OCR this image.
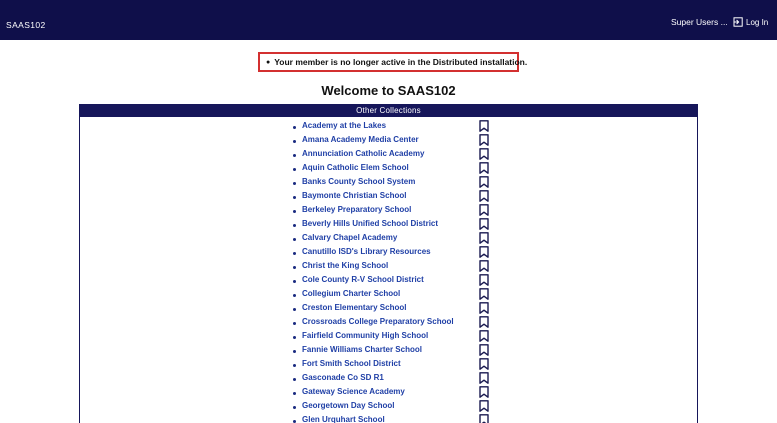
SAAS102	Super Users ... Log In
● Your member is no longer active in the Distributed installation.
Welcome to SAAS102
Other Collections
Academy at the Lakes
Amana Academy Media Center
Annunciation Catholic Academy
Aquin Catholic Elem School
Banks County School System
Baymonte Christian School
Berkeley Preparatory School
Beverly Hills Unified School District
Calvary Chapel Academy
Canutillo ISD's Library Resources
Christ the King School
Cole County R-V School District
Collegium Charter School
Creston Elementary School
Crossroads College Preparatory School
Fairfield Community High School
Fannie Williams Charter School
Fort Smith School District
Gasconade Co SD R1
Gateway Science Academy
Georgetown Day School
Glen Urquhart School
